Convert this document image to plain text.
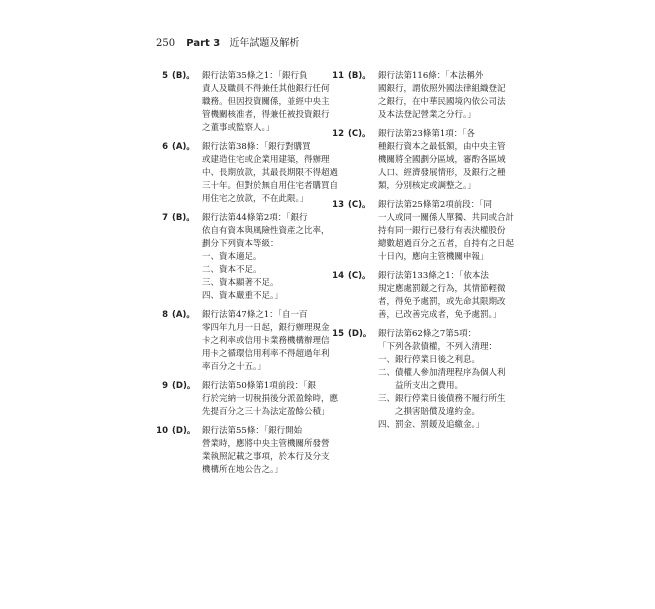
250 Part 3 近年試題及解析
5 (B)。 銀行法第35條之1：「銀行負
責人及職員不得兼任其他銀行任何
職務。但因投資關係，並經中央主
管機關核准者，得兼任被投資銀行
之董事或監察人。」
6 (A)。 銀行法第38條：「銀行對購買
或建造住宅或企業用建築，得辦理
中、長期放款，其最長期限不得超過
三十年。但對於無自用住宅者購買自
用住宅之放款，不在此限。」
7 (B)。 銀行法第44條第2項：「銀行
依自有資本與風險性資產之比率，
劃分下列資本等級：
一、資本適足。
二、資本不足。
三、資本顯著不足。
四、資本嚴重不足。」
8 (A)。 銀行法第47條之1：「自一百
零四年九月一日起，銀行辦理現金
卡之利率或信用卡業務機構辦理信
用卡之循環信用利率不得超過年利
率百分之十五。」
9 (D)。 銀行法第50條第1項前段：「銀
行於完納一切稅捐後分派盈餘時，應
先提百分之三十為法定盈餘公積」
10 (D)。 銀行法第55條：「銀行開始
營業時，應將中央主管機關所發營
業執照記載之事項，於本行及分支
機構所在地公告之。」
11 (B)。 銀行法第116條：「本法稱外
國銀行，謂依照外國法律組織登記
之銀行，在中華民國境內依公司法
及本法登記營業之分行。」
12 (C)。 銀行法第23條第1項：「各
種銀行資本之最低額，由中央主管
機關將全國劃分區域，審酌各區域
人口、經濟發展情形，及銀行之種
類，分別核定或調整之。」
13 (C)。 銀行法第25條第2項前段：「同
一人或同一關係人單獨、共同或合計
持有同一銀行已發行有表決權股份
總數超過百分之五者，自持有之日起
十日內，應向主管機關申報」
14 (C)。 銀行法第133條之1：「依本法
規定應處罰鍰之行為，其情節輕微
者，得免予處罰，或先命其限期改
善，已改善完成者，免予處罰。」
15 (D)。 銀行法第62條之7第5項：
「下列各款債權，不列入清理：
一、銀行停業日後之利息。
二、債權人參加清理程序為個人利
　　益所支出之費用。
三、銀行停業日後債務不履行所生
　　之損害賠償及違約金。
四、罰金、罰鍰及追繳金。」
